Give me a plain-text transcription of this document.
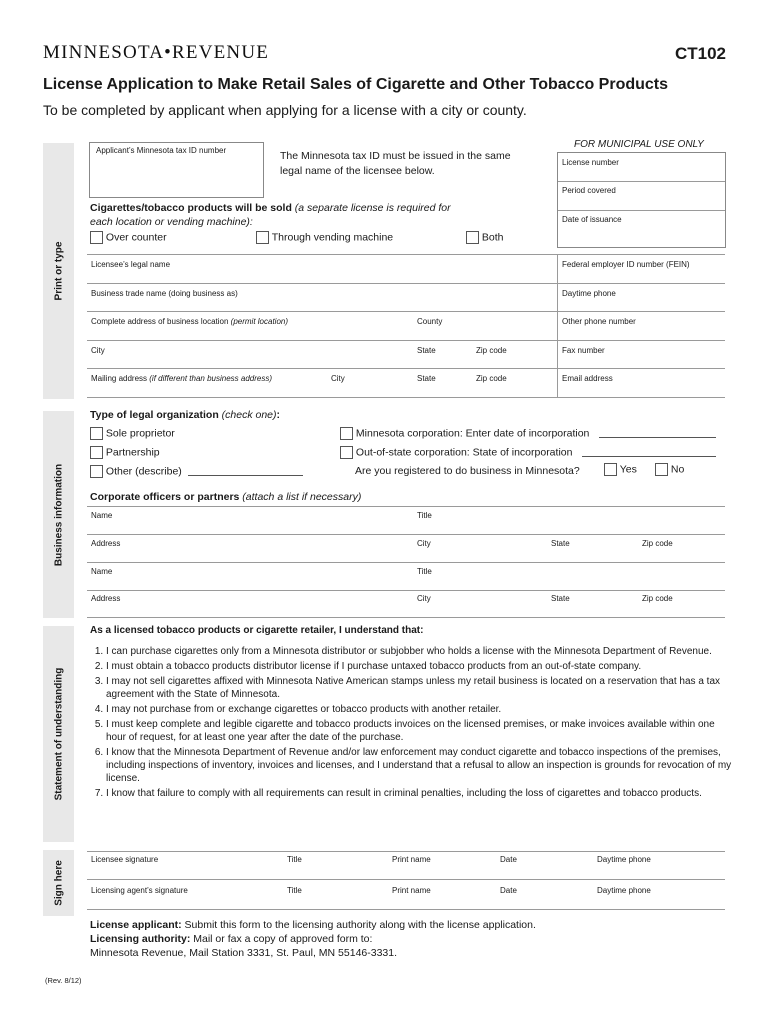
MINNESOTA•REVENUE	CT102
License Application to Make Retail Sales of Cigarette and Other Tobacco Products
To be completed by applicant when applying for a license with a city or county.
Print or type
Business information
Statement of understanding
Sign here
Applicant’s Minnesota tax ID number	The Minnesota tax ID must be issued in the same legal name of the licensee below.
FOR MUNICIPAL USE ONLY
License number
Period covered
Date of issuance
Cigarettes/tobacco products will be sold (a separate license is required for each location or vending machine):
Over counter	Through vending machine	Both
Licensee’s legal name	Federal employer ID number (FEIN)
Business trade name (doing business as)	Daytime phone
Complete address of business location (permit location)	County	Other phone number
City	State	Zip code	Fax number
Mailing address (if different than business address)	City	State	Zip code	Email address
Type of legal organization (check one):
Sole proprietor
Partnership
Other (describe)
Minnesota corporation: Enter date of incorporation
Out-of-state corporation: State of incorporation
Are you registered to do business in Minnesota?	Yes	No
Corporate officers or partners (attach a list if necessary)
Name	Title
Address	City	State	Zip code
Name	Title
Address	City	State	Zip code
As a licensed tobacco products or cigarette retailer, I understand that:
1. I can purchase cigarettes only from a Minnesota distributor or subjobber who holds a license with the Minnesota Department of Revenue.
2. I must obtain a tobacco products distributor license if I purchase untaxed tobacco products from an out-of-state company.
3. I may not sell cigarettes affixed with Minnesota Native American stamps unless my retail business is located on a reservation that has a tax agreement with the State of Minnesota.
4. I may not purchase from or exchange cigarettes or tobacco products with another retailer.
5. I must keep complete and legible cigarette and tobacco products invoices on the licensed premises, or make invoices available within one hour of request, for at least one year after the date of the purchase.
6. I know that the Minnesota Department of Revenue and/or law enforcement may conduct cigarette and tobacco inspections of the premises, including inspections of inventory, invoices and licenses, and I understand that a refusal to allow an inspection is grounds for revocation of my license.
7. I know that failure to comply with all requirements can result in criminal penalties, including the loss of cigarettes and tobacco products.
Licensee signature	Title	Print name	Date	Daytime phone
Licensing agent’s signature	Title	Print name	Date	Daytime phone
License applicant: Submit this form to the licensing authority along with the license application.
Licensing authority: Mail or fax a copy of approved form to:
Minnesota Revenue, Mail Station 3331, St. Paul, MN 55146-3331.
(Rev. 8/12)
